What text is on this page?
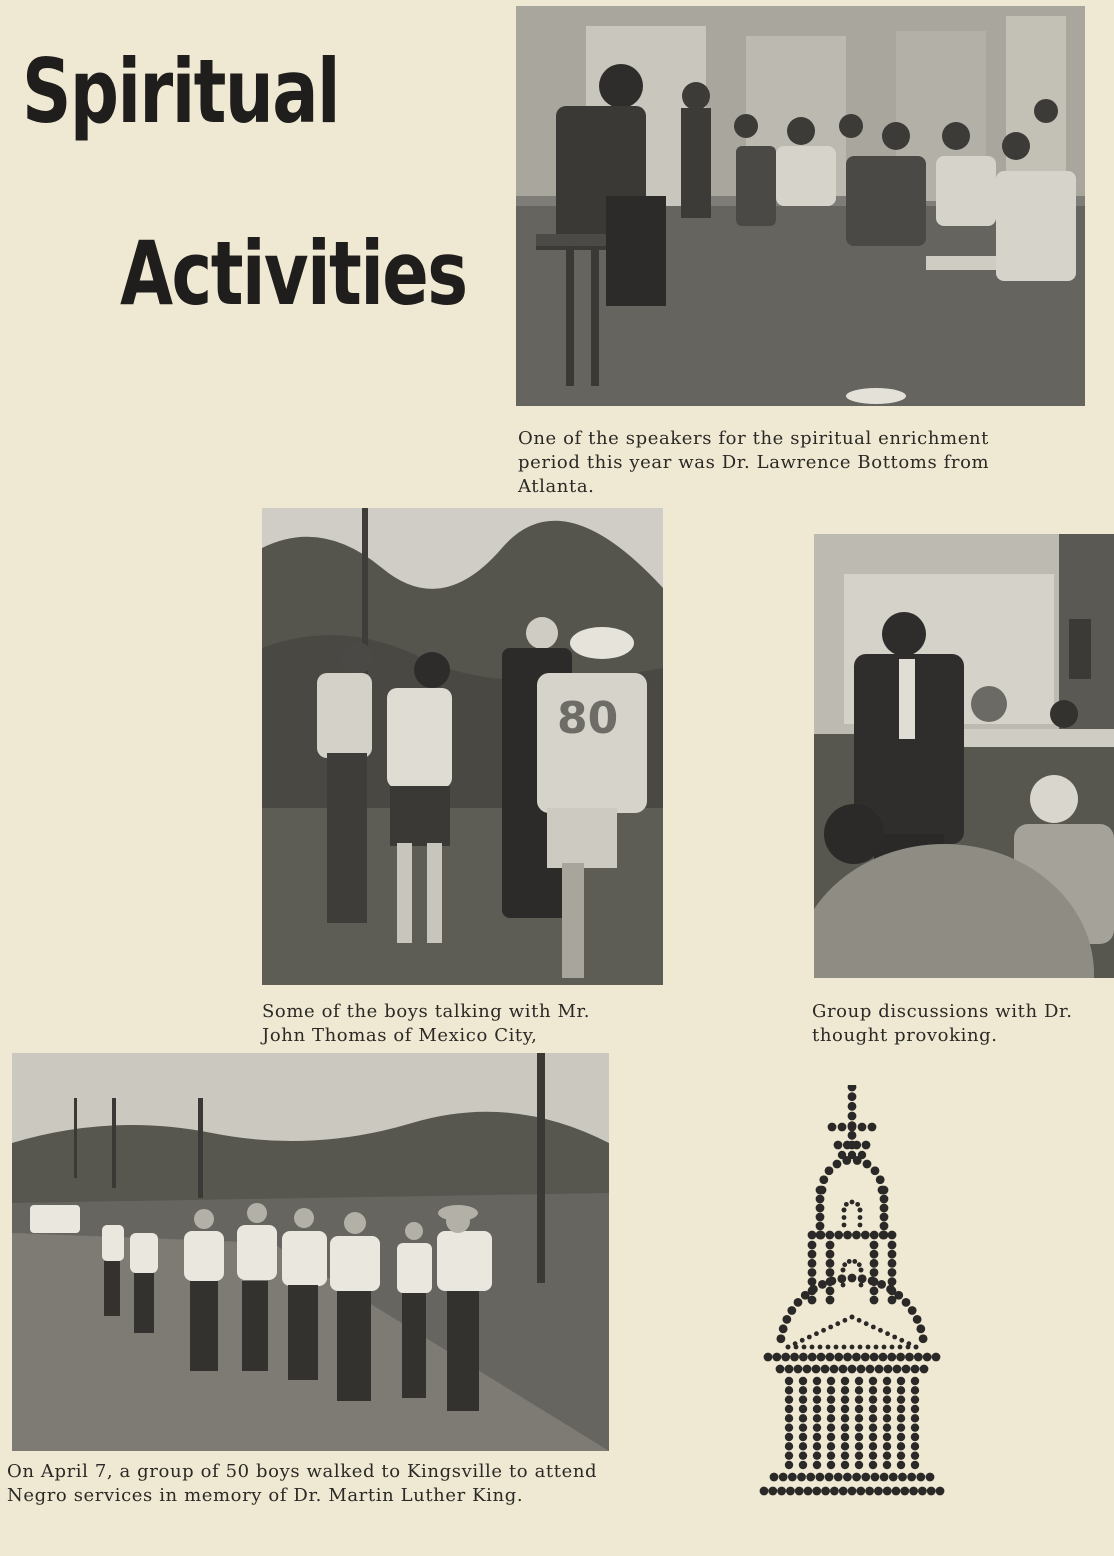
Spiritual
Activities
One of the speakers for the spiritual enrichment
period this year was Dr. Lawrence Bottoms from
Atlanta.
80
Some of the boys talking with Mr.
John Thomas of Mexico City,
Group discussions with Dr.
thought provoking.
On April 7, a group of 50 boys walked to Kingsville to attend
Negro services in memory of Dr. Martin Luther King.
